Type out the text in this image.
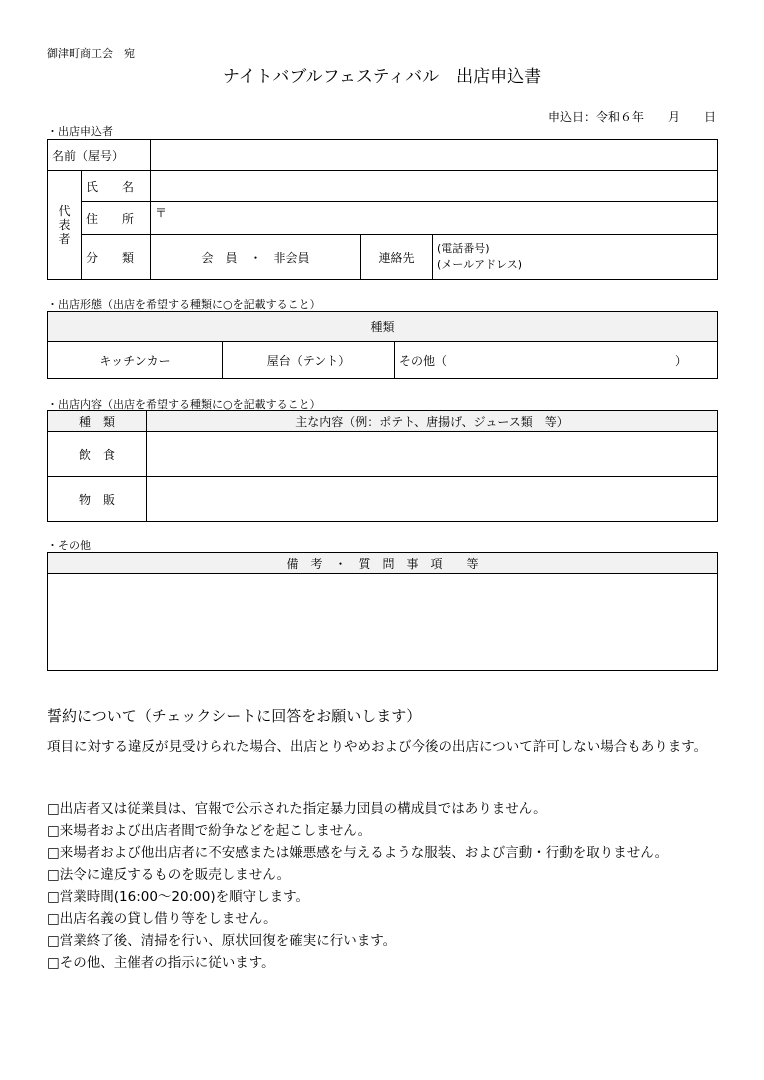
御津町商工会　宛
ナイトバブルフェスティバル　出店申込書
申込日：令和６年　　月　　日
・出店申込者
名前（屋号）				

代
表
者	氏　　名			
	住　　所	〒		
	分　　類	会　員　・　非会員	連絡先	(電話番号)
(メールアドレス)
・出店形態（出店を希望する種類に○を記載すること）
種類
キッチンカー	屋台（テント）	その他（	）
・出店内容（出店を希望する種類に○を記載すること）
種　類	主な内容（例：ポテト、唐揚げ、ジュース類　等）
飲　食	
物　販	
・その他
備　考　・　質　問　事　項　　等

誓約について（チェックシートに回答をお願いします）
項目に対する違反が見受けられた場合、出店とりやめおよび今後の出店について許可しない場合もあります。
□出店者又は従業員は、官報で公示された指定暴力団員の構成員ではありません。
□来場者および出店者間で紛争などを起こしません。
□来場者および他出店者に不安感または嫌悪感を与えるような服装、および言動・行動を取りません。
□法令に違反するものを販売しません。
□営業時間(16:00～20:00)を順守します。
□出店名義の貸し借り等をしません。
□営業終了後、清掃を行い、原状回復を確実に行います。
□その他、主催者の指示に従います。
